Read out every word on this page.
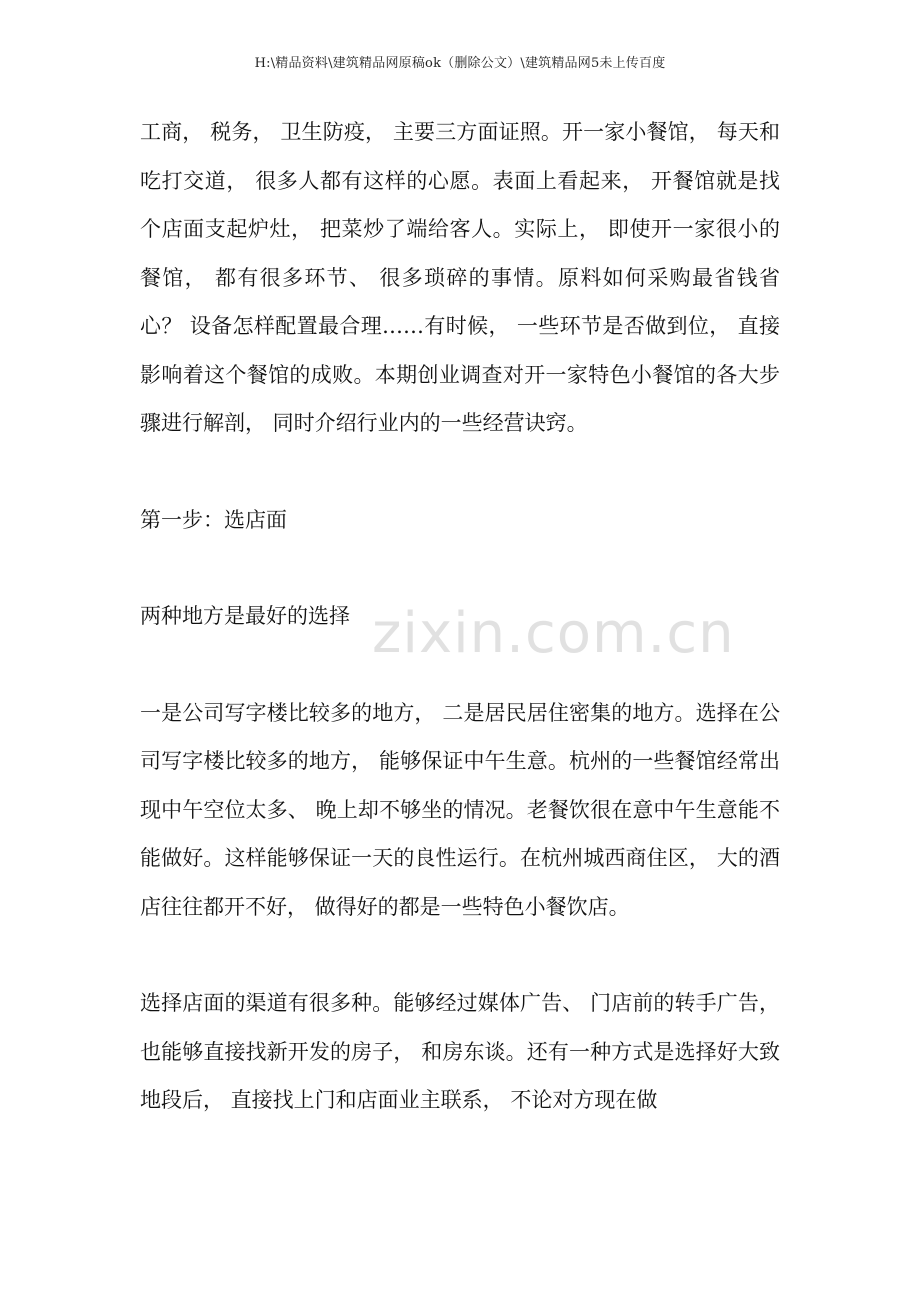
H:\精品资料\建筑精品网原稿ok（删除公文）\建筑精品网5未上传百度

工商， 税务， 卫生防疫， 主要三方面证照。开一家小餐馆， 每天和吃打交道， 很多人都有这样的心愿。表面上看起来， 开餐馆就是找个店面支起炉灶， 把菜炒了端给客人。实际上， 即使开一家很小的餐馆， 都有很多环节、 很多琐碎的事情。原料如何采购最省钱省心？ 设备怎样配置最合理……有时候， 一些环节是否做到位， 直接影响着这个餐馆的成败。本期创业调查对开一家特色小餐馆的各大步骤进行解剖， 同时介绍行业内的一些经营诀窍。

第一步：选店面

两种地方是最好的选择

一是公司写字楼比较多的地方， 二是居民居住密集的地方。选择在公司写字楼比较多的地方， 能够保证中午生意。杭州的一些餐馆经常出现中午空位太多、 晚上却不够坐的情况。老餐饮很在意中午生意能不能做好。这样能够保证一天的良性运行。在杭州城西商住区， 大的酒店往往都开不好， 做得好的都是一些特色小餐饮店。

选择店面的渠道有很多种。能够经过媒体广告、 门店前的转手广告， 也能够直接找新开发的房子， 和房东谈。还有一种方式是选择好大致地段后， 直接找上门和店面业主联系， 不论对方现在做

zixin.com.cn
